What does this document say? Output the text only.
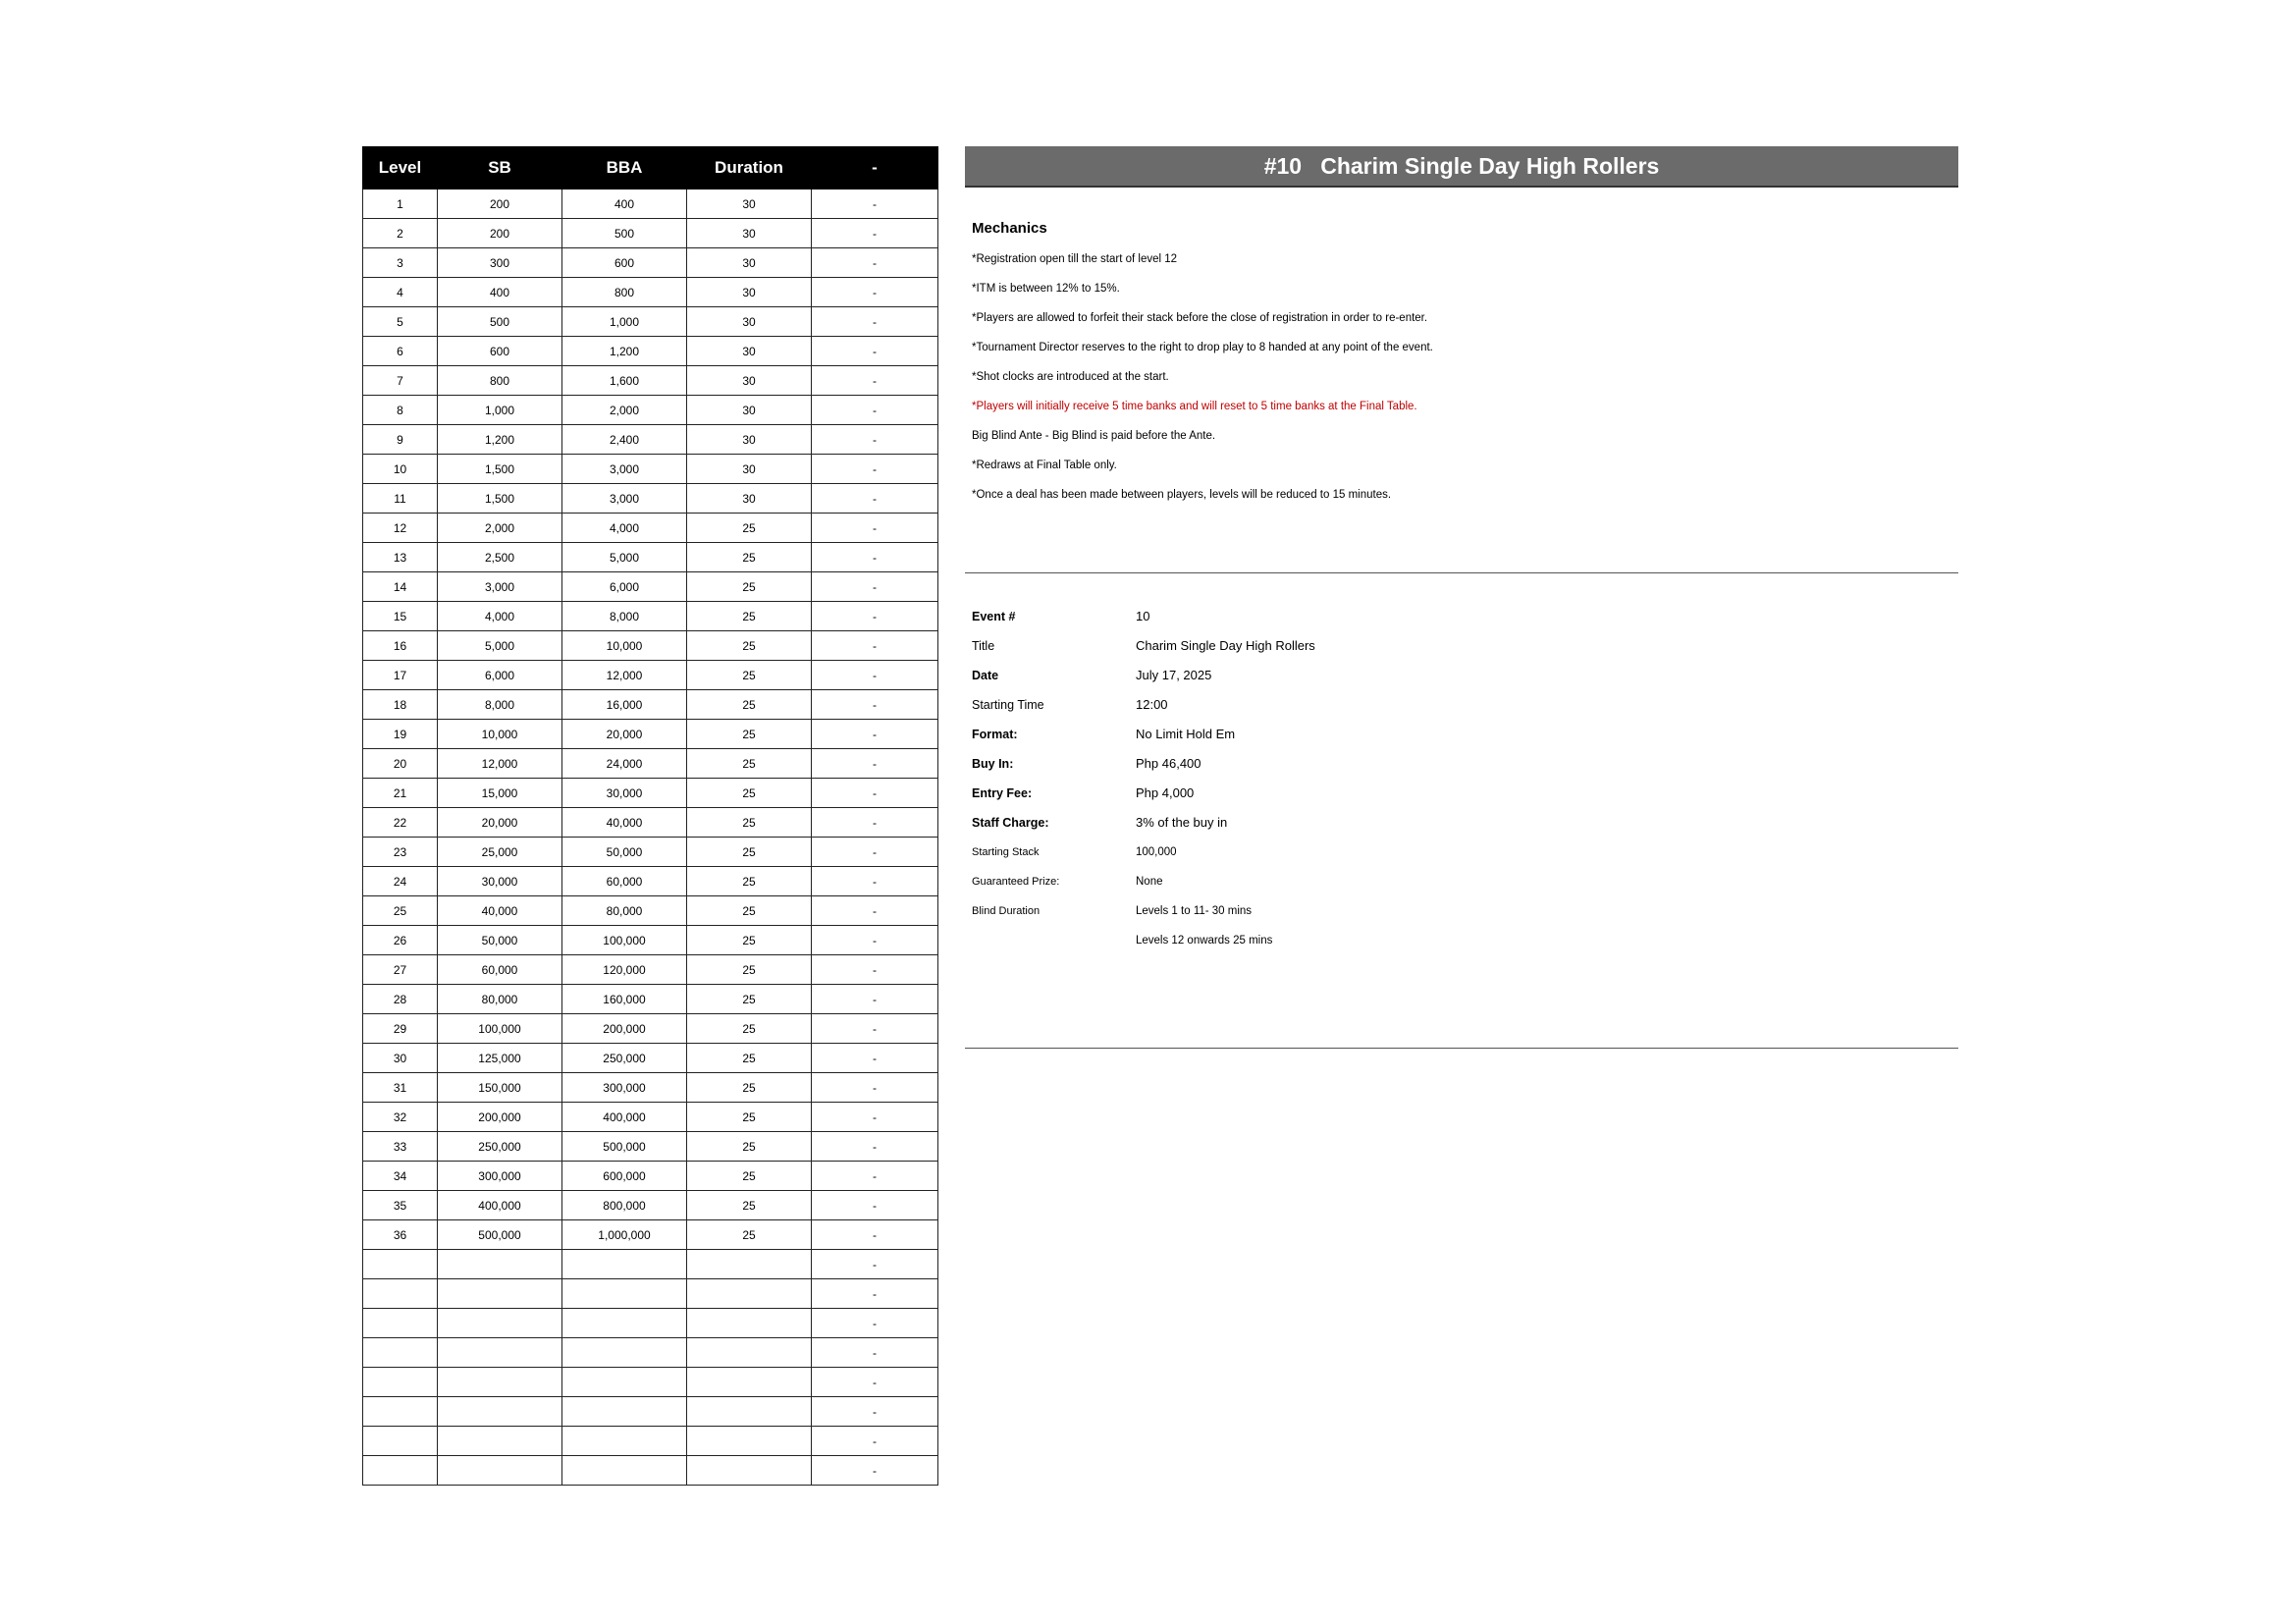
Level	SB	BBA	Duration	-
1	200	400	30	-
2	200	500	30	-
3	300	600	30	-
4	400	800	30	-
5	500	1,000	30	-
6	600	1,200	30	-
7	800	1,600	30	-
8	1,000	2,000	30	-
9	1,200	2,400	30	-
10	1,500	3,000	30	-
11	1,500	3,000	30	-
12	2,000	4,000	25	-
13	2,500	5,000	25	-
14	3,000	6,000	25	-
15	4,000	8,000	25	-
16	5,000	10,000	25	-
17	6,000	12,000	25	-
18	8,000	16,000	25	-
19	10,000	20,000	25	-
20	12,000	24,000	25	-
21	15,000	30,000	25	-
22	20,000	40,000	25	-
23	25,000	50,000	25	-
24	30,000	60,000	25	-
25	40,000	80,000	25	-
26	50,000	100,000	25	-
27	60,000	120,000	25	-
28	80,000	160,000	25	-
29	100,000	200,000	25	-
30	125,000	250,000	25	-
31	150,000	300,000	25	-
32	200,000	400,000	25	-
33	250,000	500,000	25	-
34	300,000	600,000	25	-
35	400,000	800,000	25	-
36	500,000	1,000,000	25	-
				-
				-
				-
				-
				-
				-
				-
				-
#10   Charim Single Day High Rollers
Mechanics
*Registration open till the start of level 12
*ITM is between 12% to 15%.
*Players are allowed to forfeit their stack before the close of registration in order to re-enter.
*Tournament Director reserves to the right to drop play to 8 handed at any point of the event.
*Shot clocks are introduced at the start.
*Players will initially receive 5 time banks and will reset to 5 time banks at the Final Table.
Big Blind Ante - Big Blind is paid before the Ante.
*Redraws at Final Table only.
*Once a deal has been made between players, levels will be reduced to 15 minutes.
Event #	10
Title	Charim Single Day High Rollers
Date	July 17, 2025
Starting Time	12:00
Format:	No Limit Hold Em
Buy In:	Php 46,400
Entry Fee:	Php 4,000
Staff Charge:	3% of the buy in
Starting Stack	100,000
Guaranteed Prize:	None
Blind Duration	Levels 1 to 11- 30 mins
Levels 12 onwards 25 mins
